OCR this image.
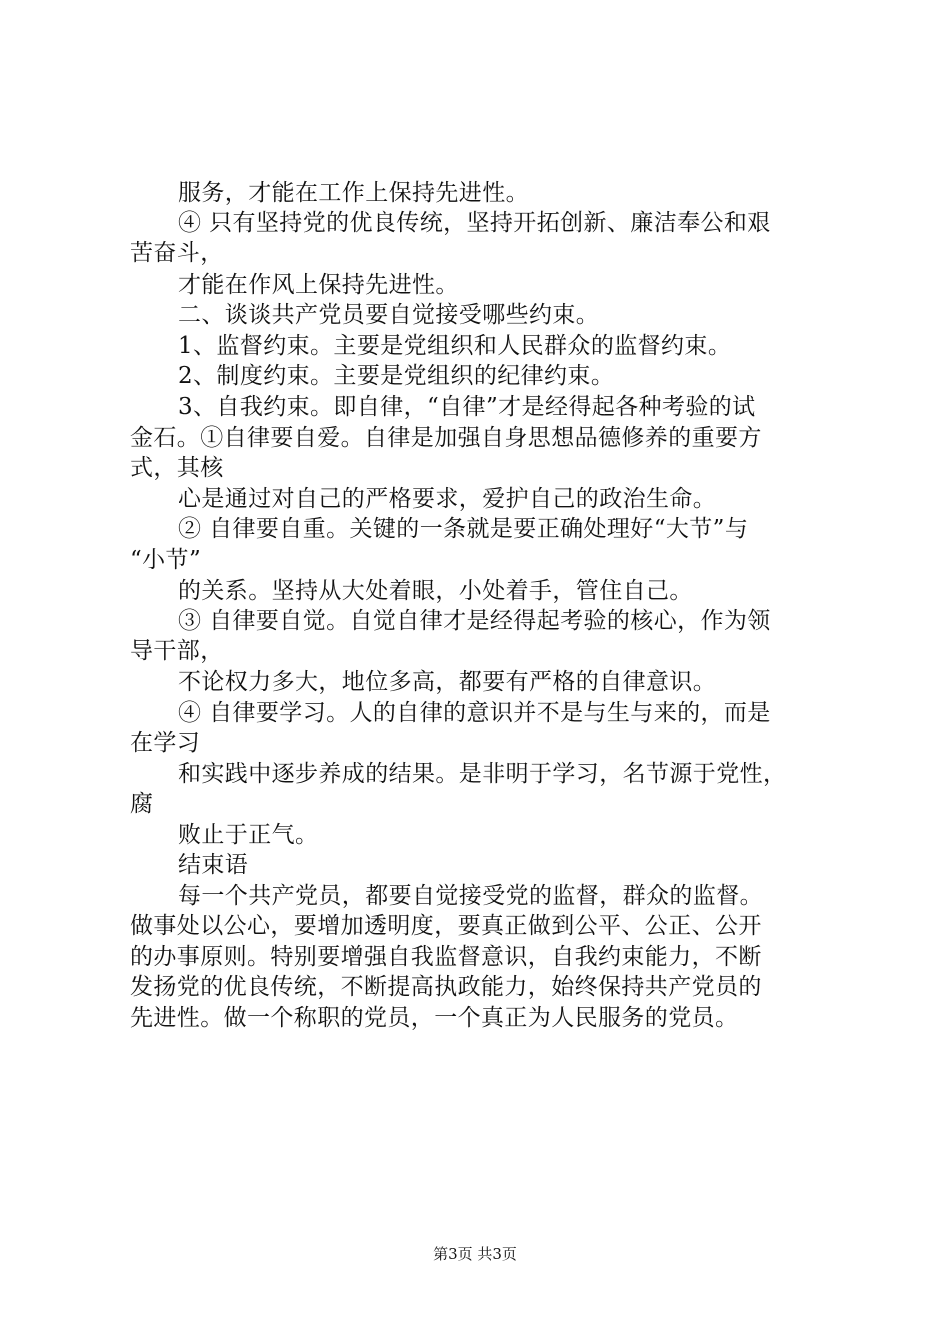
服务，才能在工作上保持先进性。
④ 只有坚持党的优良传统，坚持开拓创新、廉洁奉公和艰
苦奋斗，
才能在作风上保持先进性。
二、谈谈共产党员要自觉接受哪些约束。
1、监督约束。主要是党组织和人民群众的监督约束。
2、制度约束。主要是党组织的纪律约束。
3、自我约束。即自律，“自律”才是经得起各种考验的试
金石。①自律要自爱。自律是加强自身思想品德修养的重要方
式，其核
心是通过对自己的严格要求，爱护自己的政治生命。
② 自律要自重。关键的一条就是要正确处理好“大节”与
“小节”
的关系。坚持从大处着眼，小处着手，管住自己。
③ 自律要自觉。自觉自律才是经得起考验的核心，作为领
导干部，
不论权力多大，地位多高，都要有严格的自律意识。
④ 自律要学习。人的自律的意识并不是与生与来的，而是
在学习
和实践中逐步养成的结果。是非明于学习，名节源于党性，
腐
败止于正气。
结束语
每一个共产党员，都要自觉接受党的监督，群众的监督。
做事处以公心，要增加透明度，要真正做到公平、公正、公开
的办事原则。特别要增强自我监督意识，自我约束能力，不断
发扬党的优良传统，不断提高执政能力，始终保持共产党员的
先进性。做一个称职的党员，一个真正为人民服务的党员。
第3页 共3页
